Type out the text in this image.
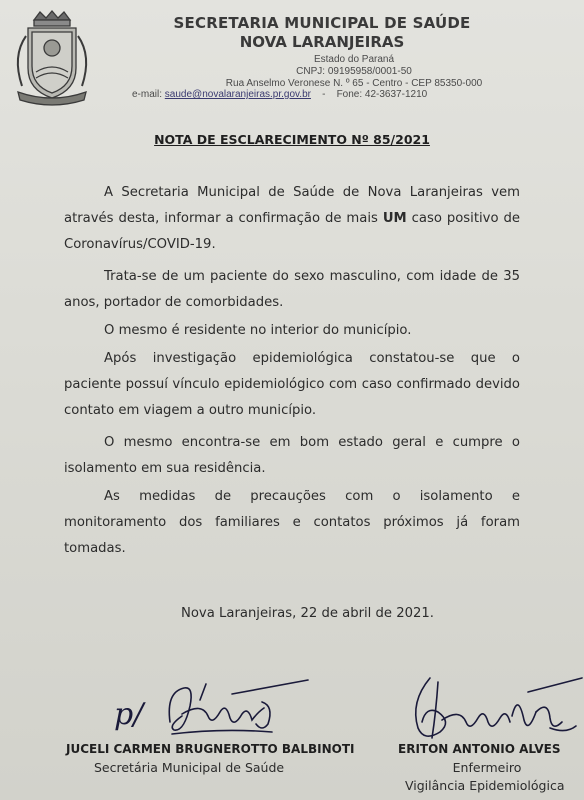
SECRETARIA MUNICIPAL DE SAÚDE
NOVA LARANJEIRAS
Estado do Paraná
CNPJ: 09195958/0001-50
Rua Anselmo Veronese N. º 65 - Centro - CEP 85350-000
e-mail: saude@novalaranjeiras.pr.gov.br - Fone: 42-3637-1210
NOTA DE ESCLARECIMENTO Nº 85/2021
A Secretaria Municipal de Saúde de Nova Laranjeiras vem através desta, informar a confirmação de mais UM caso positivo de Coronavírus/COVID-19.
Trata-se de um paciente do sexo masculino, com idade de 35 anos, portador de comorbidades.
O mesmo é residente no interior do município.
Após investigação epidemiológica constatou-se que o paciente possuí vínculo epidemiológico com caso confirmado devido contato em viagem a outro município.
O mesmo encontra-se em bom estado geral e cumpre o isolamento em sua residência.
As medidas de precauções com o isolamento e monitoramento dos familiares e contatos próximos já foram tomadas.
Nova Laranjeiras, 22 de abril de 2021.
p/
JUCELI CARMEN BRUGNEROTTO BALBINOTI
Secretária Municipal de Saúde
ERITON ANTONIO ALVES
Enfermeiro
Vigilância Epidemiológica
